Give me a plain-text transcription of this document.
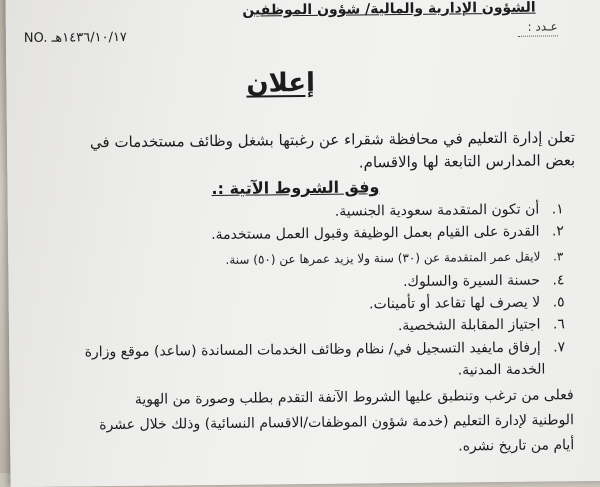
الشؤون الإدارية والمالية/ شؤون الموظفين
عـدد :
NO. ١٤٣٦/١٠/١٧هـ
إعلان
تعلن إدارة التعليم في محافظة شقراء عن رغبتها بشغل وظائف مستخدمات في
بعض المدارس التابعة لها والاقسام.
وفق الشروط الآتية :.
١. أن تكون المتقدمة سعودية الجنسية.
٢. القدرة على القيام بعمل الوظيفة وقبول العمل مستخدمة.
٣. لايقل عمر المتقدمة عن (٣٠) سنة ولا يزيد عمرها عن (٥٠) سنة.
٤. حسنة السيرة والسلوك.
٥. لا يصرف لها تقاعد أو تأمينات.
٦. اجتياز المقابلة الشخصية.
٧. إرفاق مايفيد التسجيل في/ نظام وظائف الخدمات المساندة (ساعد) موقع وزارة
الخدمة المدنية.
فعلى من ترغب وتنطبق عليها الشروط الآنفة التقدم بطلب وصورة من الهوية
الوطنية لإدارة التعليم (خدمة شؤون الموظفات/الاقسام النسائية) وذلك خلال عشرة
أيام من تاريخ نشره.
